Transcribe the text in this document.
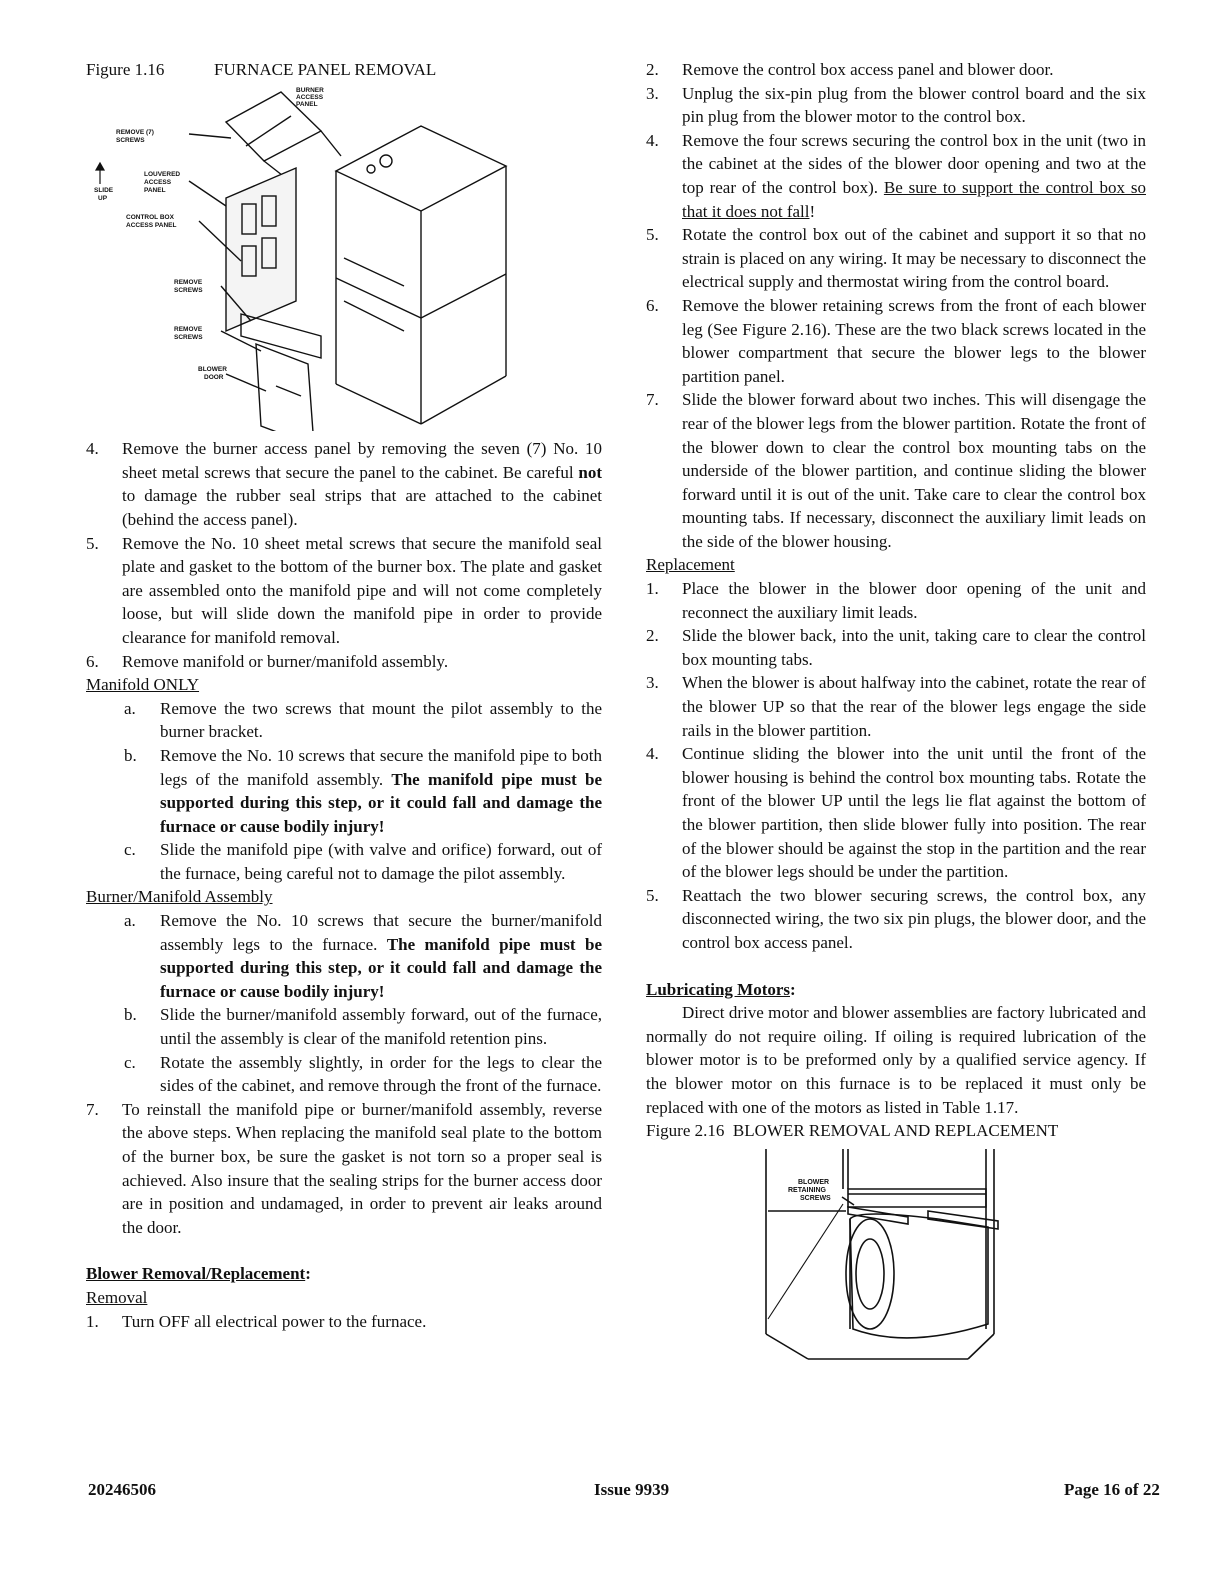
Figure 1.16	FURNACE PANEL REMOVAL
BURNER
ACCESS
PANEL
REMOVE (7)
SCREWS
SLIDE
UP
LOUVERED
ACCESS
PANEL
CONTROL BOX
ACCESS PANEL
REMOVE
SCREWS
REMOVE
SCREWS
BLOWER
DOOR
4.	Remove the burner access panel by removing the seven (7) No. 10 sheet metal screws that secure the panel to the cabinet. Be careful not to damage the rubber seal strips that are attached to the cabinet (behind the access panel).
5.	Remove the No. 10 sheet metal screws that secure the manifold seal plate and gasket to the bottom of the burner box. The plate and gasket are assembled onto the manifold pipe and will not come completely loose, but will slide down the manifold pipe in order to provide clearance for manifold removal.
6.	Remove manifold or burner/manifold assembly.
Manifold ONLY
a.	Remove the two screws that mount the pilot assembly to the burner bracket.
b.	Remove the No. 10 screws that secure the manifold pipe to both legs of the manifold assembly. The manifold pipe must be supported during this step, or it could fall and damage the furnace or cause bodily injury!
c.	Slide the manifold pipe (with valve and orifice) forward, out of the furnace, being careful not to damage the pilot assembly.
Burner/Manifold Assembly
a.	Remove the No. 10 screws that secure the burner/manifold assembly legs to the furnace. The manifold pipe must be supported during this step, or it could fall and damage the furnace or cause bodily injury!
b.	Slide the burner/manifold assembly forward, out of the furnace, until the assembly is clear of the manifold retention pins.
c.	Rotate the assembly slightly, in order for the legs to clear the sides of the cabinet, and remove through the front of the furnace.
7.	To reinstall the manifold pipe or burner/manifold assembly, reverse the above steps. When replacing the manifold seal plate to the bottom of the burner box, be sure the gasket is not torn so a proper seal is achieved. Also insure that the sealing strips for the burner access door are in position and undamaged, in order to prevent air leaks around the door.
Blower Removal/Replacement:
Removal
1.	Turn OFF all electrical power to the furnace.
2.	Remove the control box access panel and blower door.
3.	Unplug the six-pin plug from the blower control board and the six pin plug from the blower motor to the control box.
4.	Remove the four screws securing the control box in the unit (two in the cabinet at the sides of the blower door opening and two at the top rear of the control box). Be sure to support the control box so that it does not fall!
5.	Rotate the control box out of the cabinet and support it so that no strain is placed on any wiring. It may be necessary to disconnect the electrical supply and thermostat wiring from the control board.
6.	Remove the blower retaining screws from the front of each blower leg (See Figure 2.16). These are the two black screws located in the blower compartment that secure the blower legs to the blower partition panel.
7.	Slide the blower forward about two inches. This will disengage the rear of the blower legs from the blower partition. Rotate the front of the blower down to clear the control box mounting tabs on the underside of the blower partition, and continue sliding the blower forward until it is out of the unit. Take care to clear the control box mounting tabs. If necessary, disconnect the auxiliary limit leads on the side of the blower housing.
Replacement
1.	Place the blower in the blower door opening of the unit and reconnect the auxiliary limit leads.
2.	Slide the blower back, into the unit, taking care to clear the control box mounting tabs.
3.	When the blower is about halfway into the cabinet, rotate the rear of the blower UP so that the rear of the blower legs engage the side rails in the blower partition.
4.	Continue sliding the blower into the unit until the front of the blower housing is behind the control box mounting tabs. Rotate the front of the blower UP until the legs lie flat against the bottom of the blower partition, then slide blower fully into position. The rear of the blower should be against the stop in the partition and the rear of the blower legs should be under the partition.
5.	Reattach the two blower securing screws, the control box, any disconnected wiring, the two six pin plugs, the blower door, and the control box access panel.
Lubricating Motors:
Direct drive motor and blower assemblies are factory lubricated and normally do not require oiling. If oiling is required lubrication of the blower motor is to be preformed only by a qualified service agency. If the blower motor on this furnace is to be replaced it must only be replaced with one of the motors as listed in Table 1.17.
Figure 2.16  BLOWER REMOVAL AND REPLACEMENT
BLOWER
RETAINING
SCREWS
20246506	Issue 9939	Page 16 of 22
